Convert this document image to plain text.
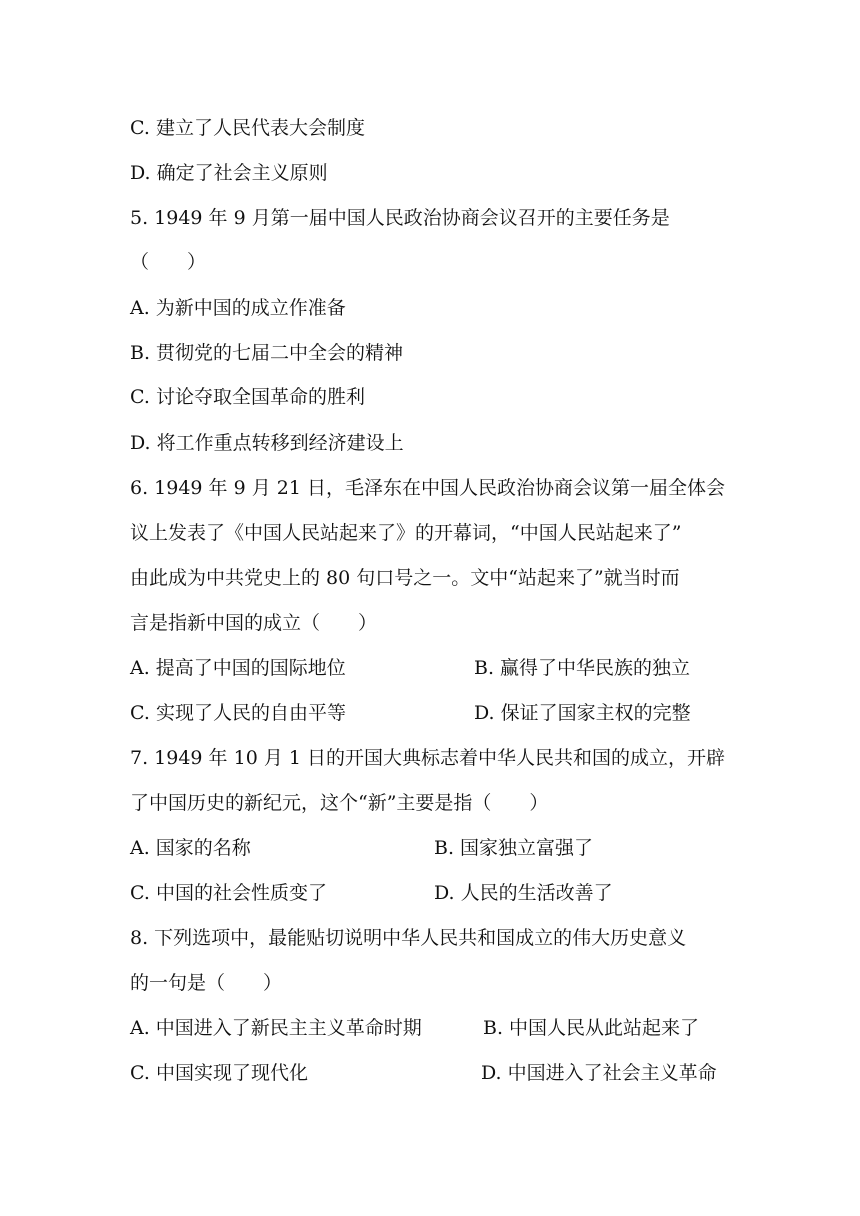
C. 建立了人民代表大会制度
D. 确定了社会主义原则
5. 1949 年 9 月第一届中国人民政治协商会议召开的主要任务是
（　　）
A. 为新中国的成立作准备
B. 贯彻党的七届二中全会的精神
C. 讨论夺取全国革命的胜利
D. 将工作重点转移到经济建设上
6. 1949 年 9 月 21 日，毛泽东在中国人民政治协商会议第一届全体会
议上发表了《中国人民站起来了》的开幕词，“中国人民站起来了”
由此成为中共党史上的 80 句口号之一。文中“站起来了”就当时而
言是指新中国的成立（　　）
A. 提高了中国的国际地位	B. 赢得了中华民族的独立
C. 实现了人民的自由平等	D. 保证了国家主权的完整
7. 1949 年 10 月 1 日的开国大典标志着中华人民共和国的成立，开辟
了中国历史的新纪元，这个“新”主要是指（　　）
A. 国家的名称	B. 国家独立富强了
C. 中国的社会性质变了	D. 人民的生活改善了
8. 下列选项中，最能贴切说明中华人民共和国成立的伟大历史意义
的一句是（　　）
A. 中国进入了新民主主义革命时期	B. 中国人民从此站起来了
C. 中国实现了现代化	D. 中国进入了社会主义革命
